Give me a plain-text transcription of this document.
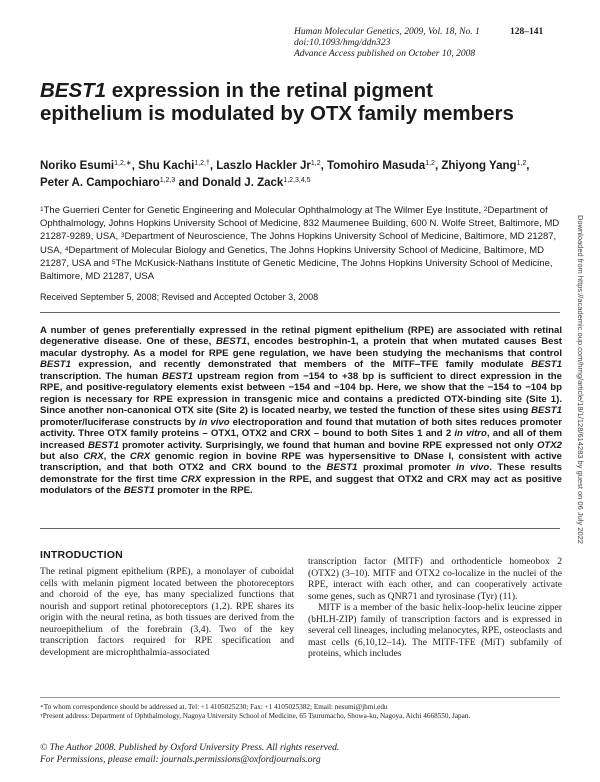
Human Molecular Genetics, 2009, Vol. 18, No. 1
doi:10.1093/hmg/ddn323
Advance Access published on October 10, 2008
128–141
BEST1 expression in the retinal pigment epithelium is modulated by OTX family members
Noriko Esumi$^{1,2,∗}$, Shu Kachi$^{1,2,\dagger}$, Laszlo Hackler Jr$^{1,2}$, Tomohiro Masuda$^{1,2}$, Zhiyong Yang$^{1,2}$, Peter A. Campochiaro$^{1,2,3}$ and Donald J. Zack$^{1,2,3,4,5}$
$^1$The Guerrieri Center for Genetic Engineering and Molecular Ophthalmology at The Wilmer Eye Institute, $^2$Department of Ophthalmology, Johns Hopkins University School of Medicine, 832 Maumenee Building, 600 N. Wolfe Street, Baltimore, MD 21287-9289, USA, $^3$Department of Neuroscience, The Johns Hopkins University School of Medicine, Baltimore, MD 21287, USA, $^4$Department of Molecular Biology and Genetics, The Johns Hopkins University School of Medicine, Baltimore, MD 21287, USA and $^5$The McKusick-Nathans Institute of Genetic Medicine, The Johns Hopkins University School of Medicine, Baltimore, MD 21287, USA
Received September 5, 2008; Revised and Accepted October 3, 2008

A number of genes preferentially expressed in the retinal pigment epithelium (RPE) are associated with retinal degenerative disease. One of these, BEST1, encodes bestrophin-1, a protein that when mutated causes Best macular dystrophy. As a model for RPE gene regulation, we have been studying the mechanisms that control BEST1 expression, and recently demonstrated that members of the MITF–TFE family modulate BEST1 transcription. The human BEST1 upstream region from −154 to +38 bp is sufficient to direct expression in the RPE, and positive-regulatory elements exist between −154 and −104 bp. Here, we show that the −154 to −104 bp region is necessary for RPE expression in transgenic mice and contains a predicted OTX-binding site (Site 1). Since another non-canonical OTX site (Site 2) is located nearby, we tested the function of these sites using BEST1 promoter/luciferase constructs by in vivo electroporation and found that mutation of both sites reduces promoter activity. Three OTX family proteins – OTX1, OTX2 and CRX – bound to both Sites 1 and 2 in vitro, and all of them increased BEST1 promoter activity. Surprisingly, we found that human and bovine RPE expressed not only OTX2 but also CRX, the CRX genomic region in bovine RPE was hypersensitive to DNase I, consistent with active transcription, and that both OTX2 and CRX bound to the BEST1 proximal promoter in vivo. These results demonstrate for the first time CRX expression in the RPE, and suggest that OTX2 and CRX may act as positive modulators of the BEST1 promoter in the RPE.

INTRODUCTION

The retinal pigment epithelium (RPE), a monolayer of cuboidal cells with melanin pigment located between the photoreceptors and choroid of the eye, has many specialized functions that nourish and support retinal photoreceptors (1,2). RPE shares its origin with the neural retina, as both tissues are derived from the neuroepithelium of the forebrain (3,4). Two of the key transcription factors required for RPE specification and development are microphthalmia-associated

transcription factor (MITF) and orthodenticle homeobox 2 (OTX2) (3–10). MITF and OTX2 co-localize in the nuclei of the RPE, interact with each other, and can cooperatively activate some genes, such as QNR71 and tyrosinase (Tyr) (11).

MITF is a member of the basic helix-loop-helix leucine zipper (bHLH-ZIP) family of transcription factors and is expressed in several cell lineages, including melanocytes, RPE, osteoclasts and mast cells (6,10,12–14). The MITF-TFE (MiT) subfamily of proteins, which includes

∗To whom correspondence should be addressed at. Tel: +1 4105025230; Fax: +1 4105025382; Email: nesumi@jhmi.edu
†Present address: Department of Ophthalmology, Nagoya University School of Medicine, 65 Tsurumacho, Showa-ku, Nagoya, Aichi 4668550, Japan.
© The Author 2008. Published by Oxford University Press. All rights reserved.
For Permissions, please email: journals.permissions@oxfordjournals.org
Downloaded from https://academic.oup.com/hmg/article/18/1/128/614283 by guest on 06 July 2022
